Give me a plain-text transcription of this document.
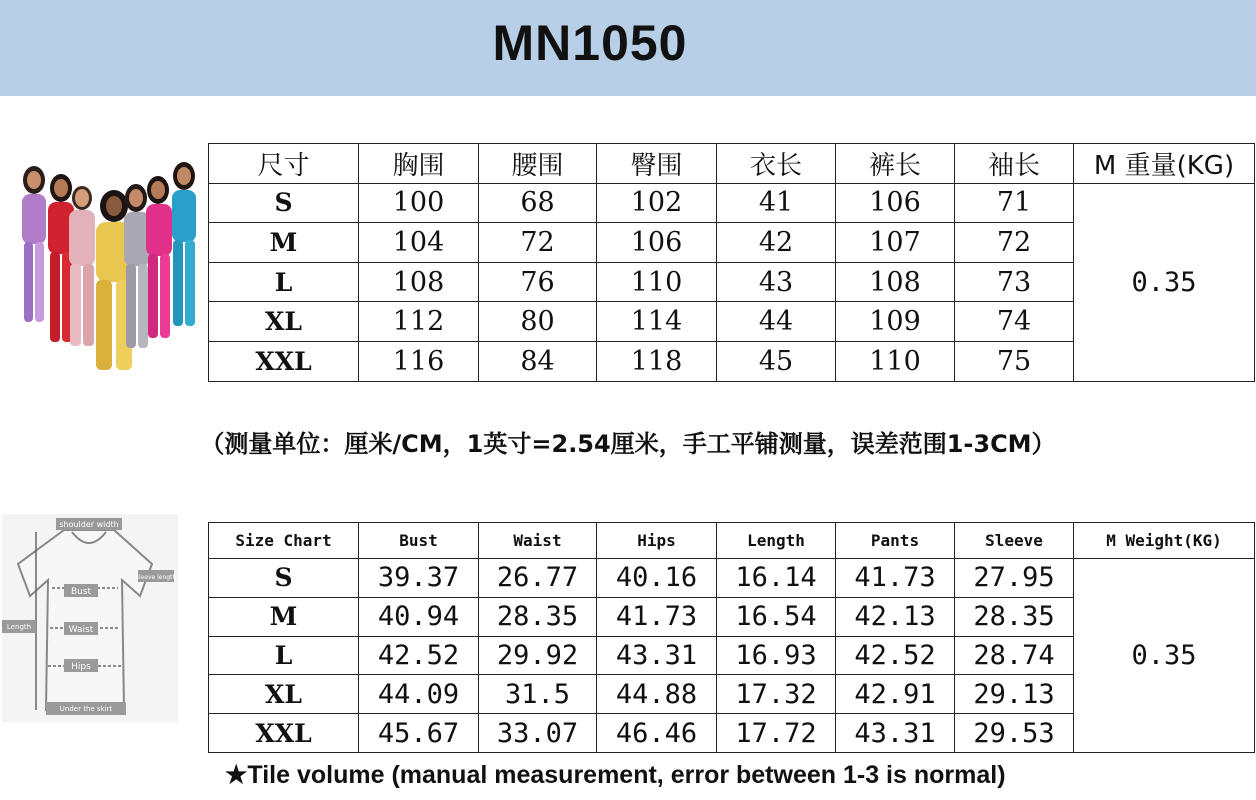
MN1050
尺寸	胸围	腰围	臀围	衣长	裤长	袖长	M 重量(KG)
S	100	68	102	41	106	71	0.35
M	104	72	106	42	107	72	
L	108	76	110	43	108	73	
XL	112	80	114	44	109	74	
XXL	116	84	118	45	110	75	
（测量单位：厘米/CM，1英寸=2.54厘米，手工平铺测量，误差范围1-3CM）
shoulder width
sleeve length
Bust
Waist
Hips
Length
Under the skirt
Size Chart	Bust	Waist	Hips	Length	Pants	Sleeve	M Weight(KG)
S	39.37	26.77	40.16	16.14	41.73	27.95	0.35
M	40.94	28.35	41.73	16.54	42.13	28.35	
L	42.52	29.92	43.31	16.93	42.52	28.74	
XL	44.09	31.5	44.88	17.32	42.91	29.13	
XXL	45.67	33.07	46.46	17.72	43.31	29.53	
★Tile volume (manual measurement, error between 1-3 is normal)
